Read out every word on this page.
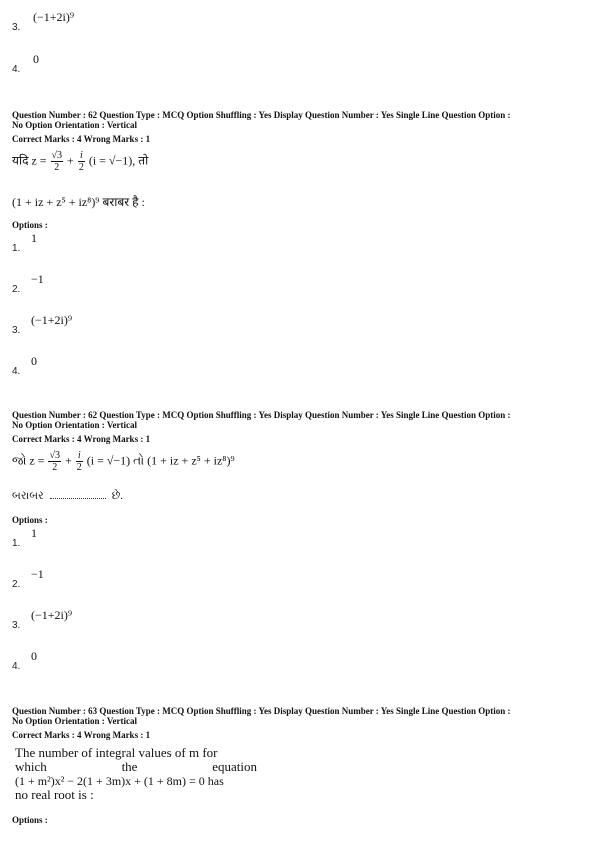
3.
(−1+2i)⁹
4.
0
Question Number : 62 Question Type : MCQ Option Shuffling : Yes Display Question Number : Yes Single Line Question Option :
No Option Orientation : Vertical
Correct Marks : 4 Wrong Marks : 1
यदि $z = \frac{√3}{2} + \frac{i}{2} (i = √-1)$, तो
(1 + iz + z⁵ + iz⁸)⁹ बराबर है :
Options :
1.
1
2.
−1
3.
(−1+2i)⁹
4.
0
Question Number : 62 Question Type : MCQ Option Shuffling : Yes Display Question Number : Yes Single Line Question Option :
No Option Orientation : Vertical
Correct Marks : 4 Wrong Marks : 1
જો $z = \frac{√3}{2} + \frac{i}{2} (i = √-1)$ તો (1 + iz + z⁵ + iz⁸)⁹
બરાબર	છે.
Options :
1.
1
2.
−1
3.
(−1+2i)⁹
4.
0
Question Number : 63 Question Type : MCQ Option Shuffling : Yes Display Question Number : Yes Single Line Question Option :
No Option Orientation : Vertical
Correct Marks : 4 Wrong Marks : 1
The number of integral values of m for
which	the	equation
(1 + m²)x² − 2(1 + 3m)x + (1 + 8m) = 0 has
no real root is :
Options :
